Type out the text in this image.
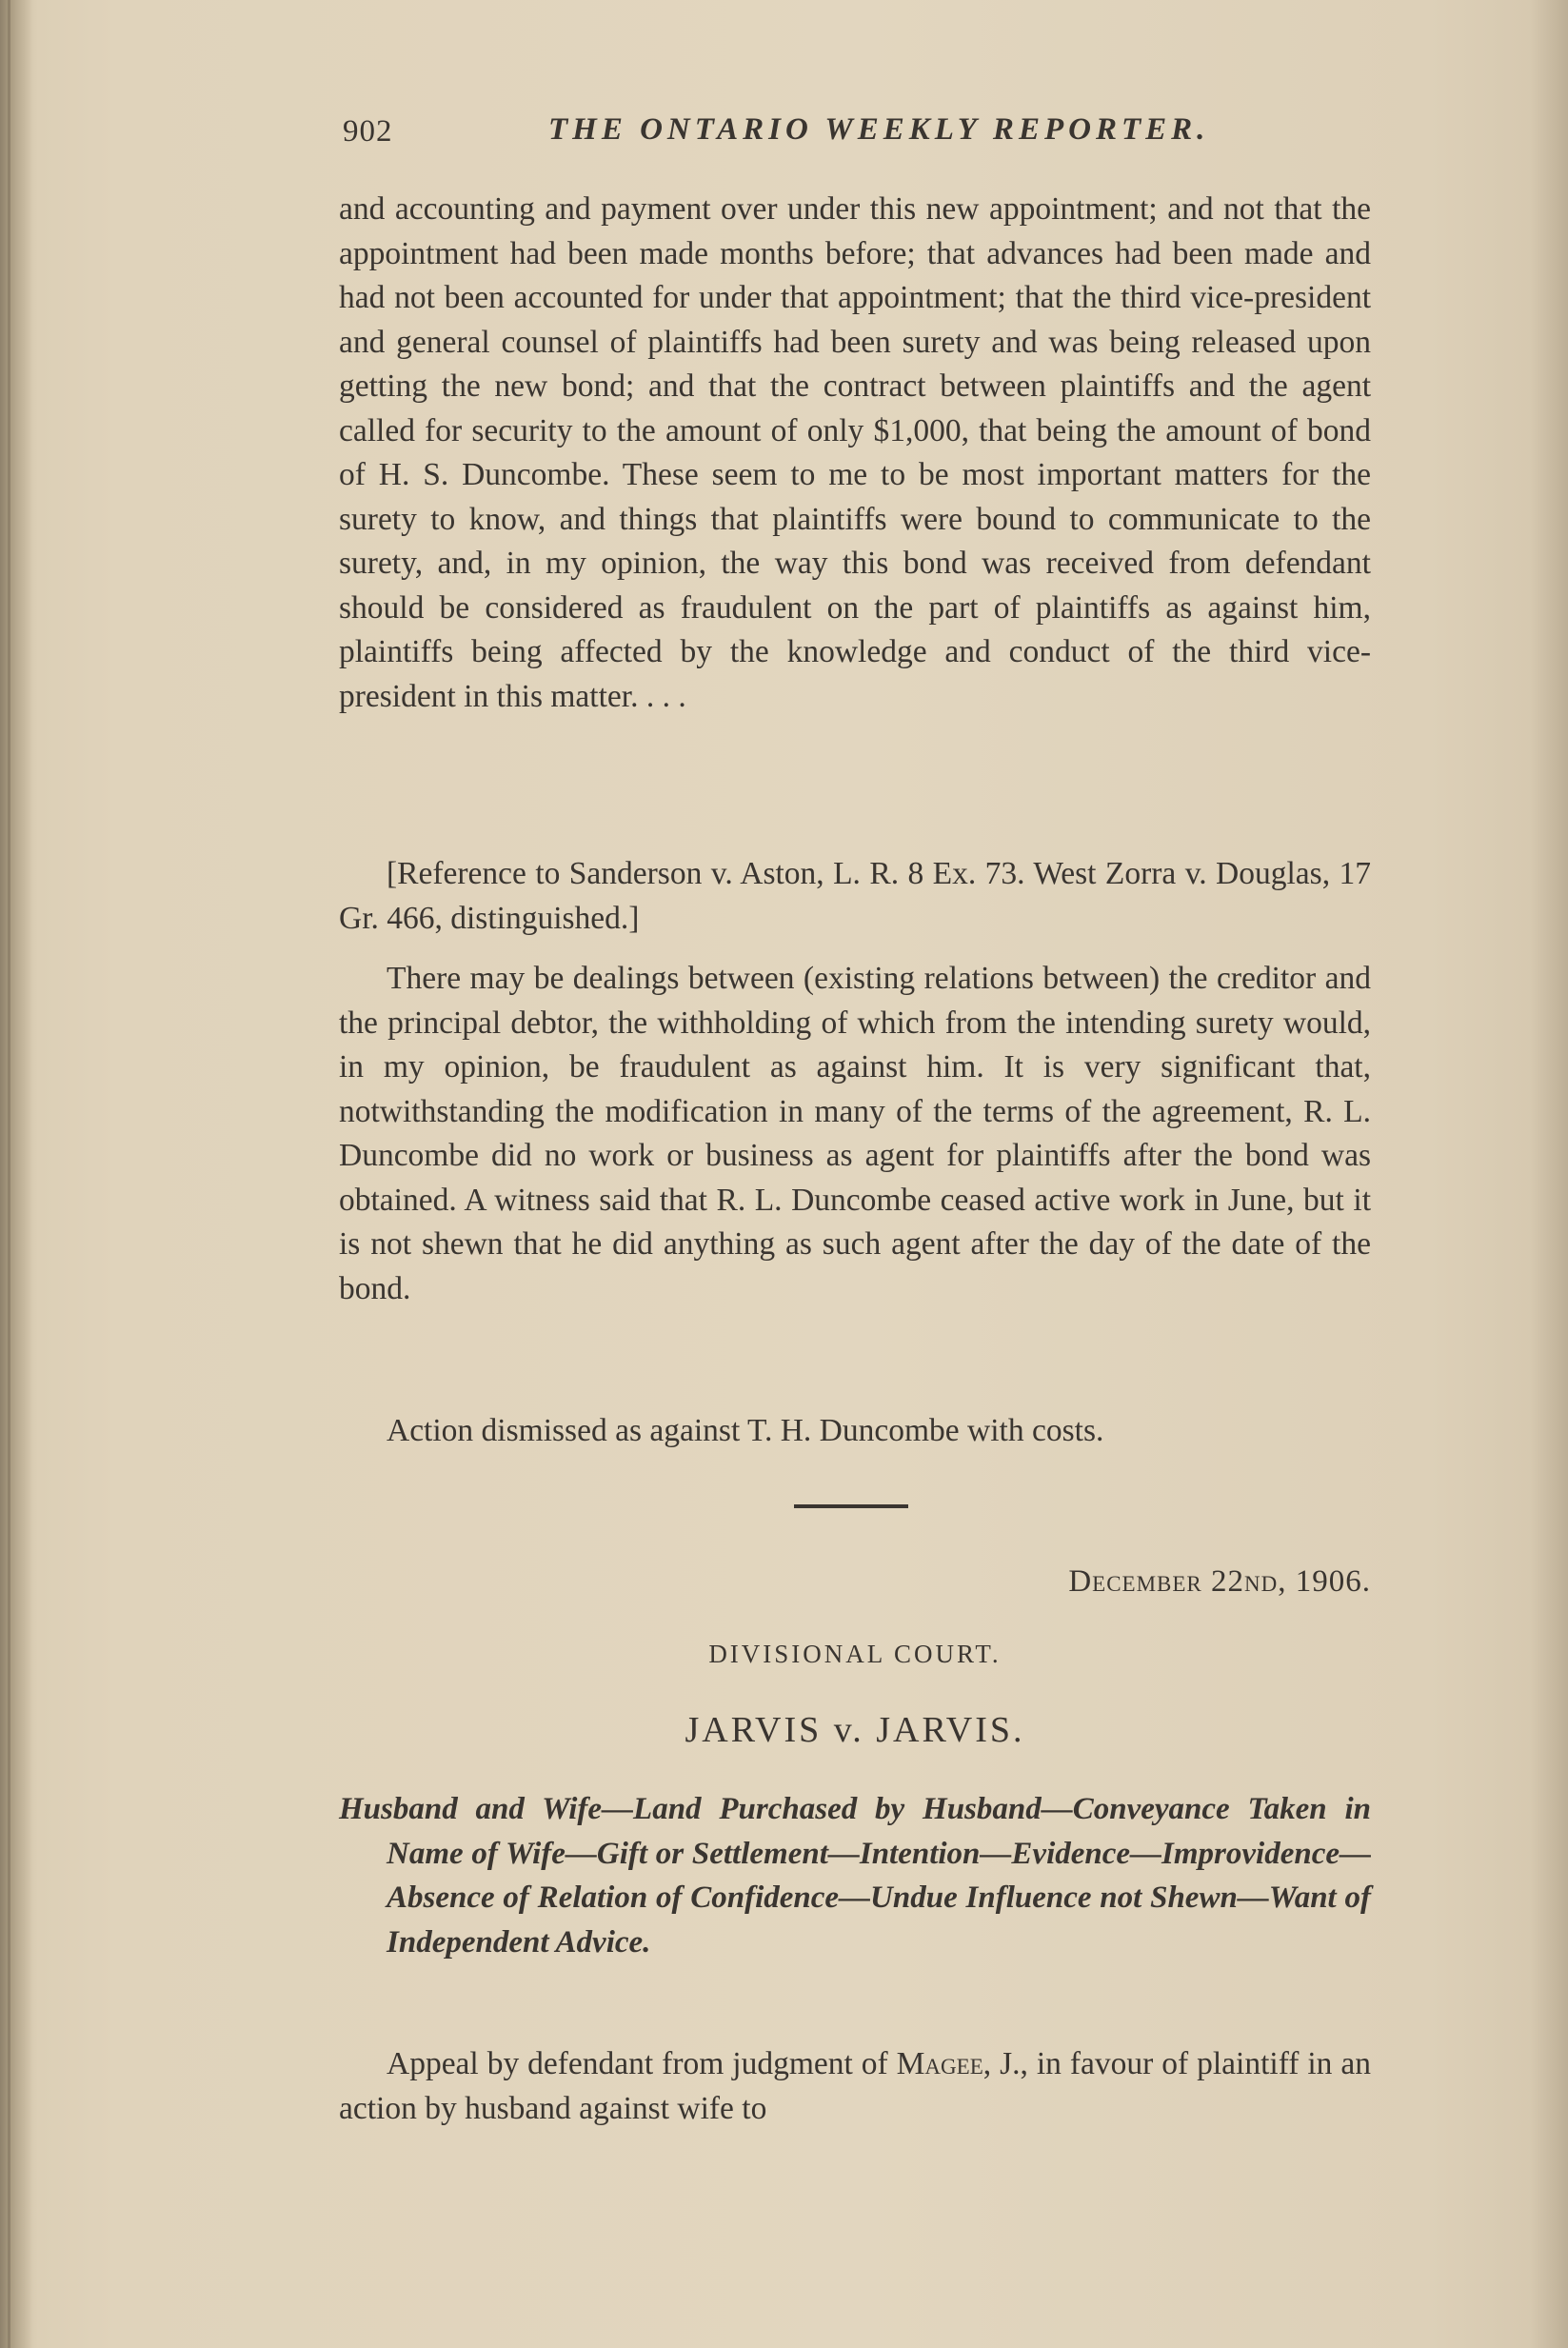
902	THE ONTARIO WEEKLY REPORTER.

and accounting and payment over under this new appointment; and not that the appointment had been made months before; that advances had been made and had not been accounted for under that appointment; that the third vice-president and general counsel of plaintiffs had been surety and was being released upon getting the new bond; and that the contract between plaintiffs and the agent called for security to the amount of only $1,000, that being the amount of bond of H. S. Duncombe. These seem to me to be most important matters for the surety to know, and things that plaintiffs were bound to communicate to the surety, and, in my opinion, the way this bond was received from defendant should be considered as fraudulent on the part of plaintiffs as against him, plaintiffs being affected by the knowledge and conduct of the third vice-president in this matter. . . .

[Reference to Sanderson v. Aston, L. R. 8 Ex. 73. West Zorra v. Douglas, 17 Gr. 466, distinguished.]

There may be dealings between (existing relations between) the creditor and the principal debtor, the withholding of which from the intending surety would, in my opinion, be fraudulent as against him. It is very significant that, notwithstanding the modification in many of the terms of the agreement, R. L. Duncombe did no work or business as agent for plaintiffs after the bond was obtained. A witness said that R. L. Duncombe ceased active work in June, but it is not shewn that he did anything as such agent after the day of the date of the bond.

Action dismissed as against T. H. Duncombe with costs.

December 22nd, 1906.
DIVISIONAL COURT.
JARVIS v. JARVIS.

Husband and Wife—Land Purchased by Husband—Conveyance Taken in Name of Wife—Gift or Settlement—Intention—Evidence—Improvidence—Absence of Relation of Confidence—Undue Influence not Shewn—Want of Independent Advice.

Appeal by defendant from judgment of Magee, J., in favour of plaintiff in an action by husband against wife to
